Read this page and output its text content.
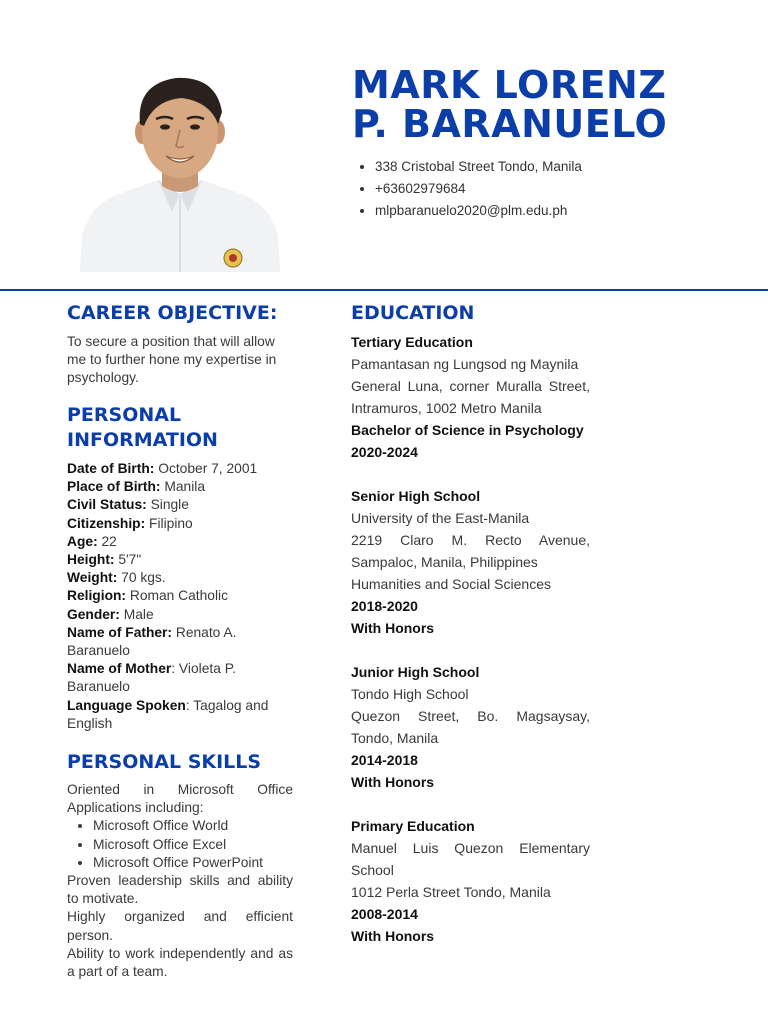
MARK LORENZ
P. BARANUELO
• 338 Cristobal Street Tondo, Manila
• +63602979684
• mlpbaranuelo2020@plm.edu.ph
CAREER OBJECTIVE:

To secure a position that will allow me to further hone my expertise in psychology.

PERSONAL
INFORMATION
Date of Birth: October 7, 2001
Place of Birth: Manila
Civil Status: Single
Citizenship: Filipino
Age: 22
Height: 5'7"
Weight: 70 kgs.
Religion: Roman Catholic
Gender: Male
Name of Father: Renato A. Baranuelo
Name of Mother: Violeta P. Baranuelo
Language Spoken: Tagalog and English
PERSONAL SKILLS

Oriented in Microsoft Office Applications including:

• Microsoft Office World
• Microsoft Office Excel
• Microsoft Office PowerPoint

Proven leadership skills and ability to motivate.

Highly organized and efficient person.

Ability to work independently and as a part of a team.

EDUCATION
Tertiary Education
Pamantasan ng Lungsod ng Maynila
General Luna, corner Muralla Street, Intramuros, 1002 Metro Manila
Bachelor of Science in Psychology
2020-2024
Senior High School
University of the East-Manila
2219 Claro M. Recto Avenue, Sampaloc, Manila, Philippines
Humanities and Social Sciences
2018-2020
With Honors
Junior High School
Tondo High School
Quezon Street, Bo. Magsaysay, Tondo, Manila
2014-2018
With Honors
Primary Education
Manuel Luis Quezon Elementary School
1012 Perla Street Tondo, Manila
2008-2014
With Honors
